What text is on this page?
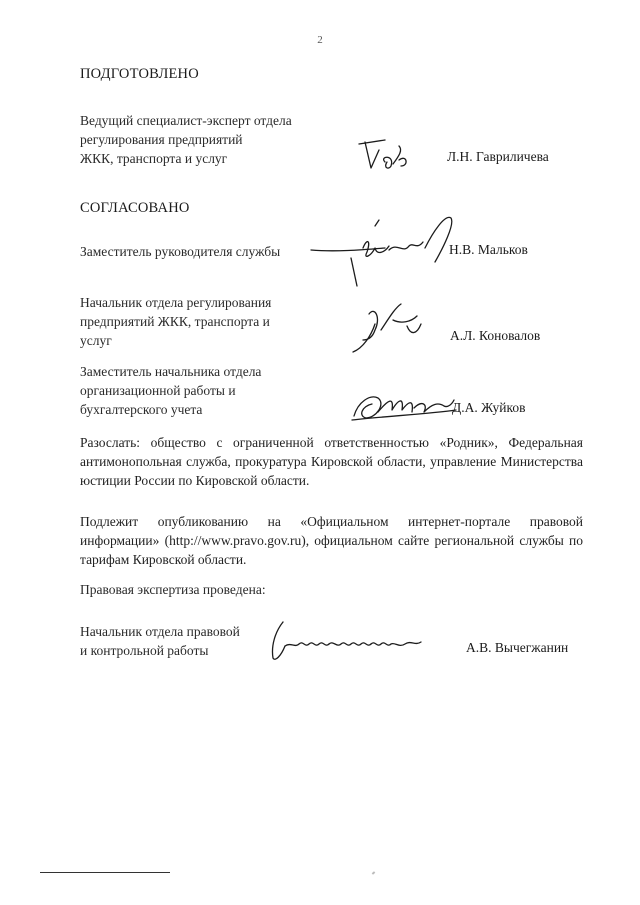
2
ПОДГОТОВЛЕНО
Ведущий специалист-эксперт отдела
регулирования предприятий
ЖКК, транспорта и услуг	Л.Н. Гавриличева
СОГЛАСОВАНО
Заместитель руководителя службы	Н.В. Мальков
Начальник отдела регулирования
предприятий ЖКК, транспорта и
услуг	А.Л. Коновалов
Заместитель начальника отдела
организационной работы и
бухгалтерского учета	Д.А. Жуйков
Разослать: общество с ограниченной ответственностью «Родник», Федеральная антимонопольная служба, прокуратура Кировской области, управление Министерства юстиции России по Кировской области.
Подлежит опубликованию на «Официальном интернет-портале правовой информации» (http://www.pravo.gov.ru), официальном сайте региональной службы по тарифам Кировской области.
Правовая экспертиза проведена:
Начальник отдела правовой
и контрольной работы	А.В. Вычегжанин
